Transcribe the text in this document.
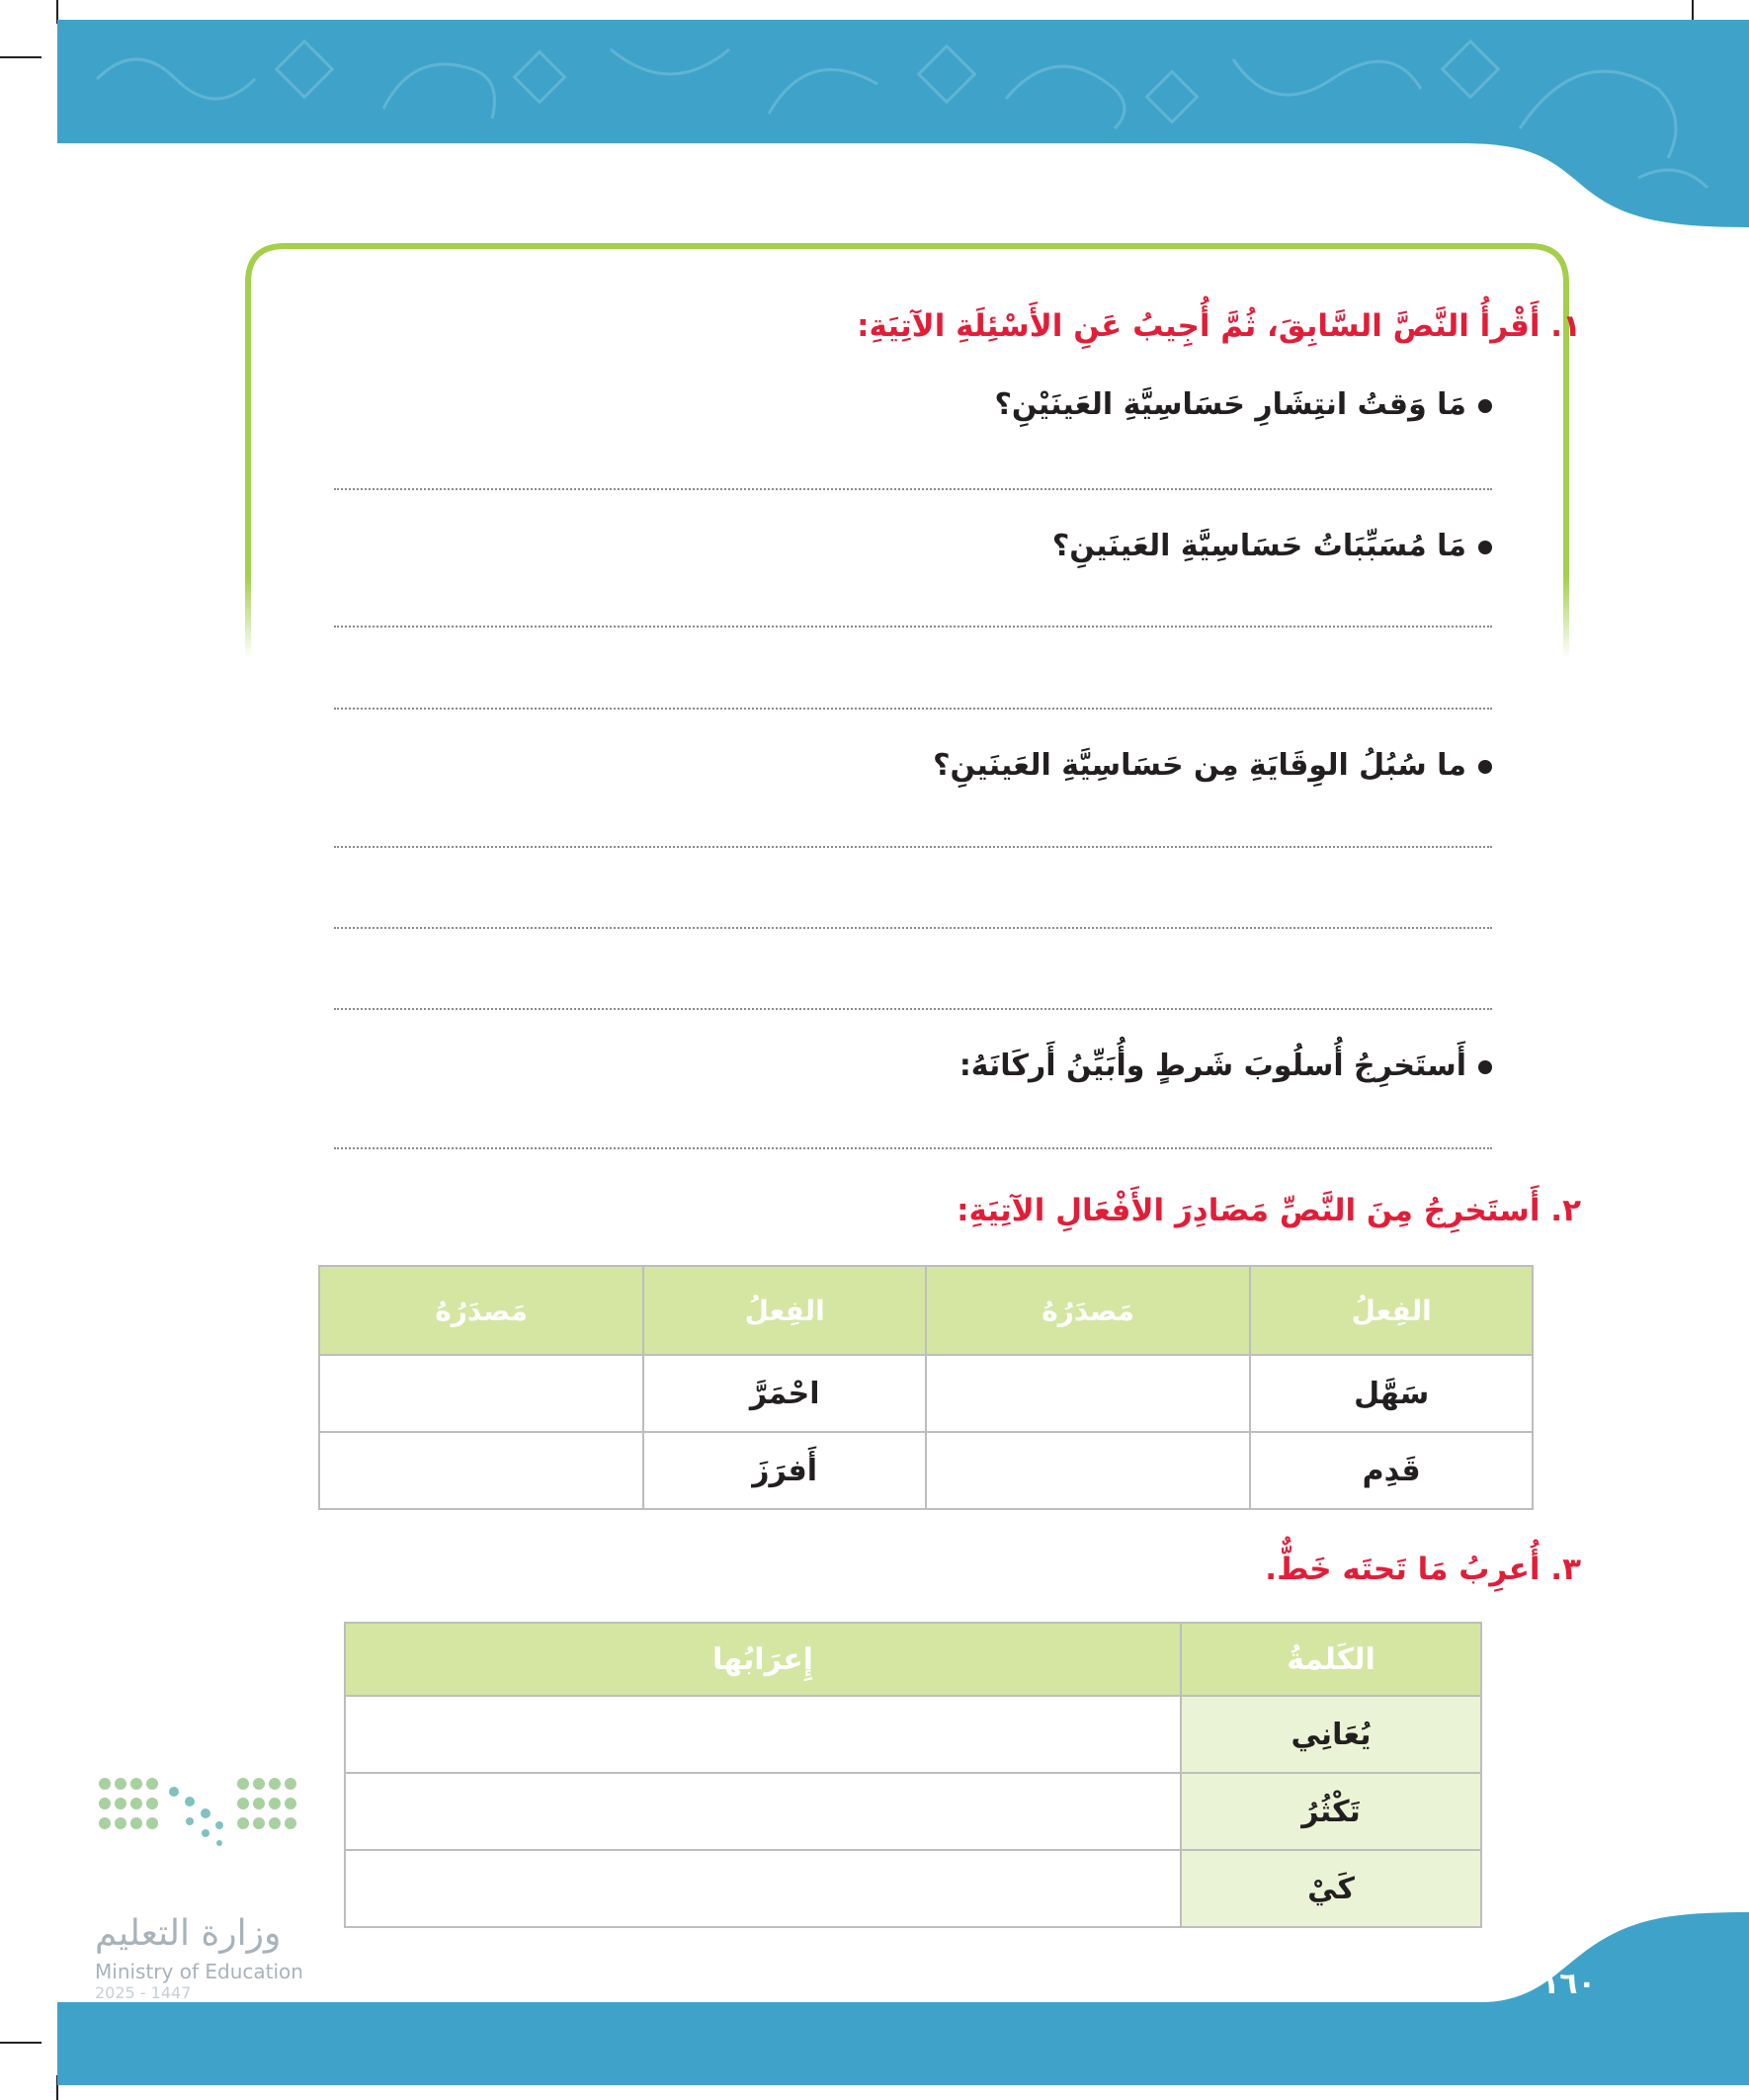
١. أَقْرأُ النَّصَّ السَّابِقَ، ثُمَّ أُجِيبُ عَنِ الأَسْئِلَةِ الآتِيَةِ:
مَا وَقتُ انتِشَارِ حَسَاسِيَّةِ العَينَيْنِ؟
مَا مُسَبِّبَاتُ حَسَاسِيَّةِ العَينَينِ؟
ما سُبُلُ الوِقَايَةِ مِن حَسَاسِيَّةِ العَينَينِ؟
أَستَخرِجُ أُسلُوبَ شَرطٍ وأُبَيِّنُ أَركَانَهُ:
٢. أَستَخرِجُ مِنَ النَّصِّ مَصَادِرَ الأَفْعَالِ الآتِيَةِ:
الفِعلُ	مَصدَرُهُ	الفِعلُ	مَصدَرُهُ
سَهَّل		احْمَرَّ	
قَدِم		أَفرَزَ	
٣. أُعرِبُ مَا تَحتَه خَطٌّ.
الكَلمةُ	إِعرَابُها
يُعَانِي	
تَكْثُرُ	
كَيْ	
١٦٠
وزارة التعليم
Ministry of Education
2025 - 1447
